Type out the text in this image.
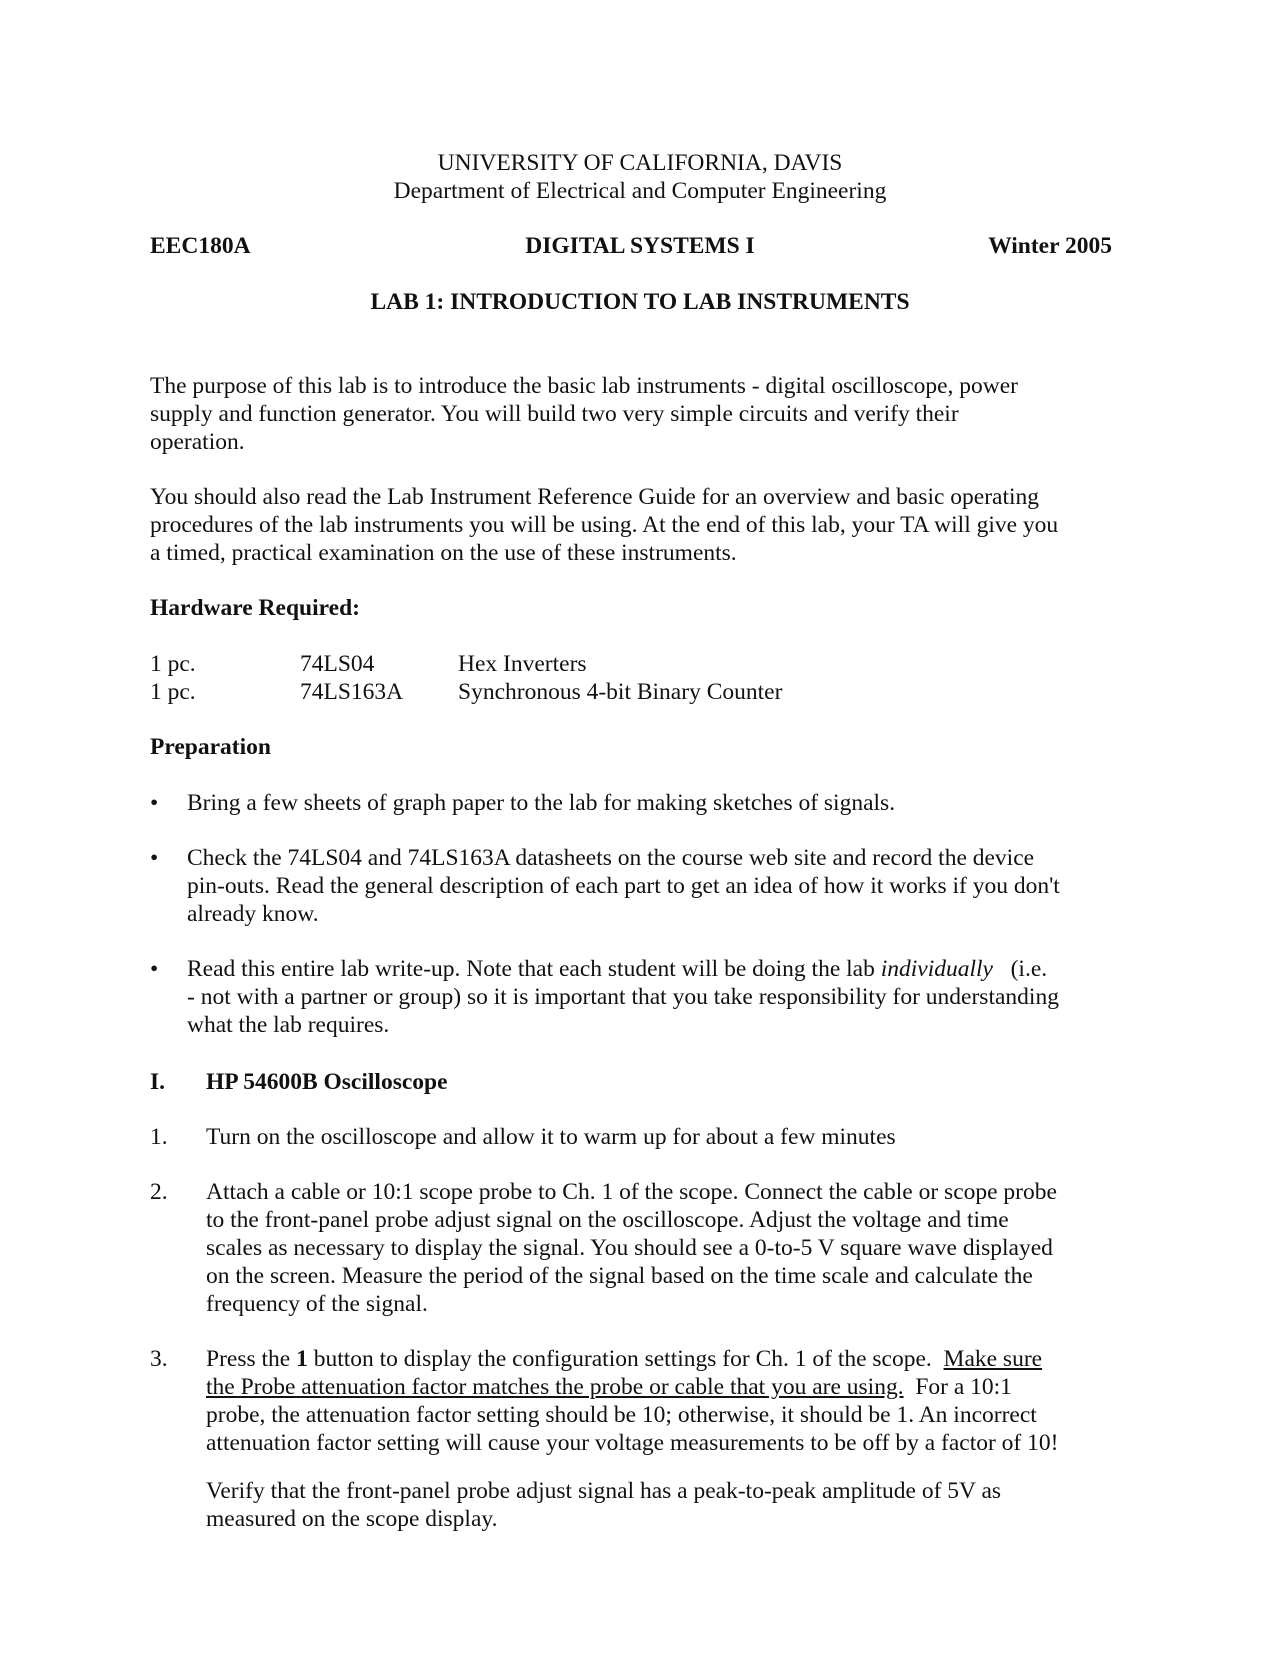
UNIVERSITY OF CALIFORNIA, DAVIS
Department of Electrical and Computer Engineering
EEC180A	DIGITAL SYSTEMS I	Winter 2005
LAB 1: INTRODUCTION TO LAB INSTRUMENTS
The purpose of this lab is to introduce the basic lab instruments - digital oscilloscope, power
supply and function generator. You will build two very simple circuits and verify their
operation.
You should also read the Lab Instrument Reference Guide for an overview and basic operating
procedures of the lab instruments you will be using. At the end of this lab, your TA will give you
a timed, practical examination on the use of these instruments.
Hardware Required:
1 pc.	74LS04	Hex Inverters
1 pc.	74LS163A Synchronous 4-bit Binary Counter
Preparation
• Bring a few sheets of graph paper to the lab for making sketches of signals.
• Check the 74LS04 and 74LS163A datasheets on the course web site and record the device
pin-outs. Read the general description of each part to get an idea of how it works if you don't
already know.
• Read this entire lab write-up. Note that each student will be doing the lab individually   (i.e.
- not with a partner or group) so it is important that you take responsibility for understanding
what the lab requires.
I. HP 54600B Oscilloscope
1. Turn on the oscilloscope and allow it to warm up for about a few minutes
2. Attach a cable or 10:1 scope probe to Ch. 1 of the scope. Connect the cable or scope probe
to the front-panel probe adjust signal on the oscilloscope. Adjust the voltage and time
scales as necessary to display the signal. You should see a 0-to-5 V square wave displayed
on the screen. Measure the period of the signal based on the time scale and calculate the
frequency of the signal.
3. Press the 1 button to display the configuration settings for Ch. 1 of the scope.  Make sure
the Probe attenuation factor matches the probe or cable that you are using.  For a 10:1
probe, the attenuation factor setting should be 10; otherwise, it should be 1. An incorrect
attenuation factor setting will cause your voltage measurements to be off by a factor of 10!
Verify that the front-panel probe adjust signal has a peak-to-peak amplitude of 5V as
measured on the scope display.
